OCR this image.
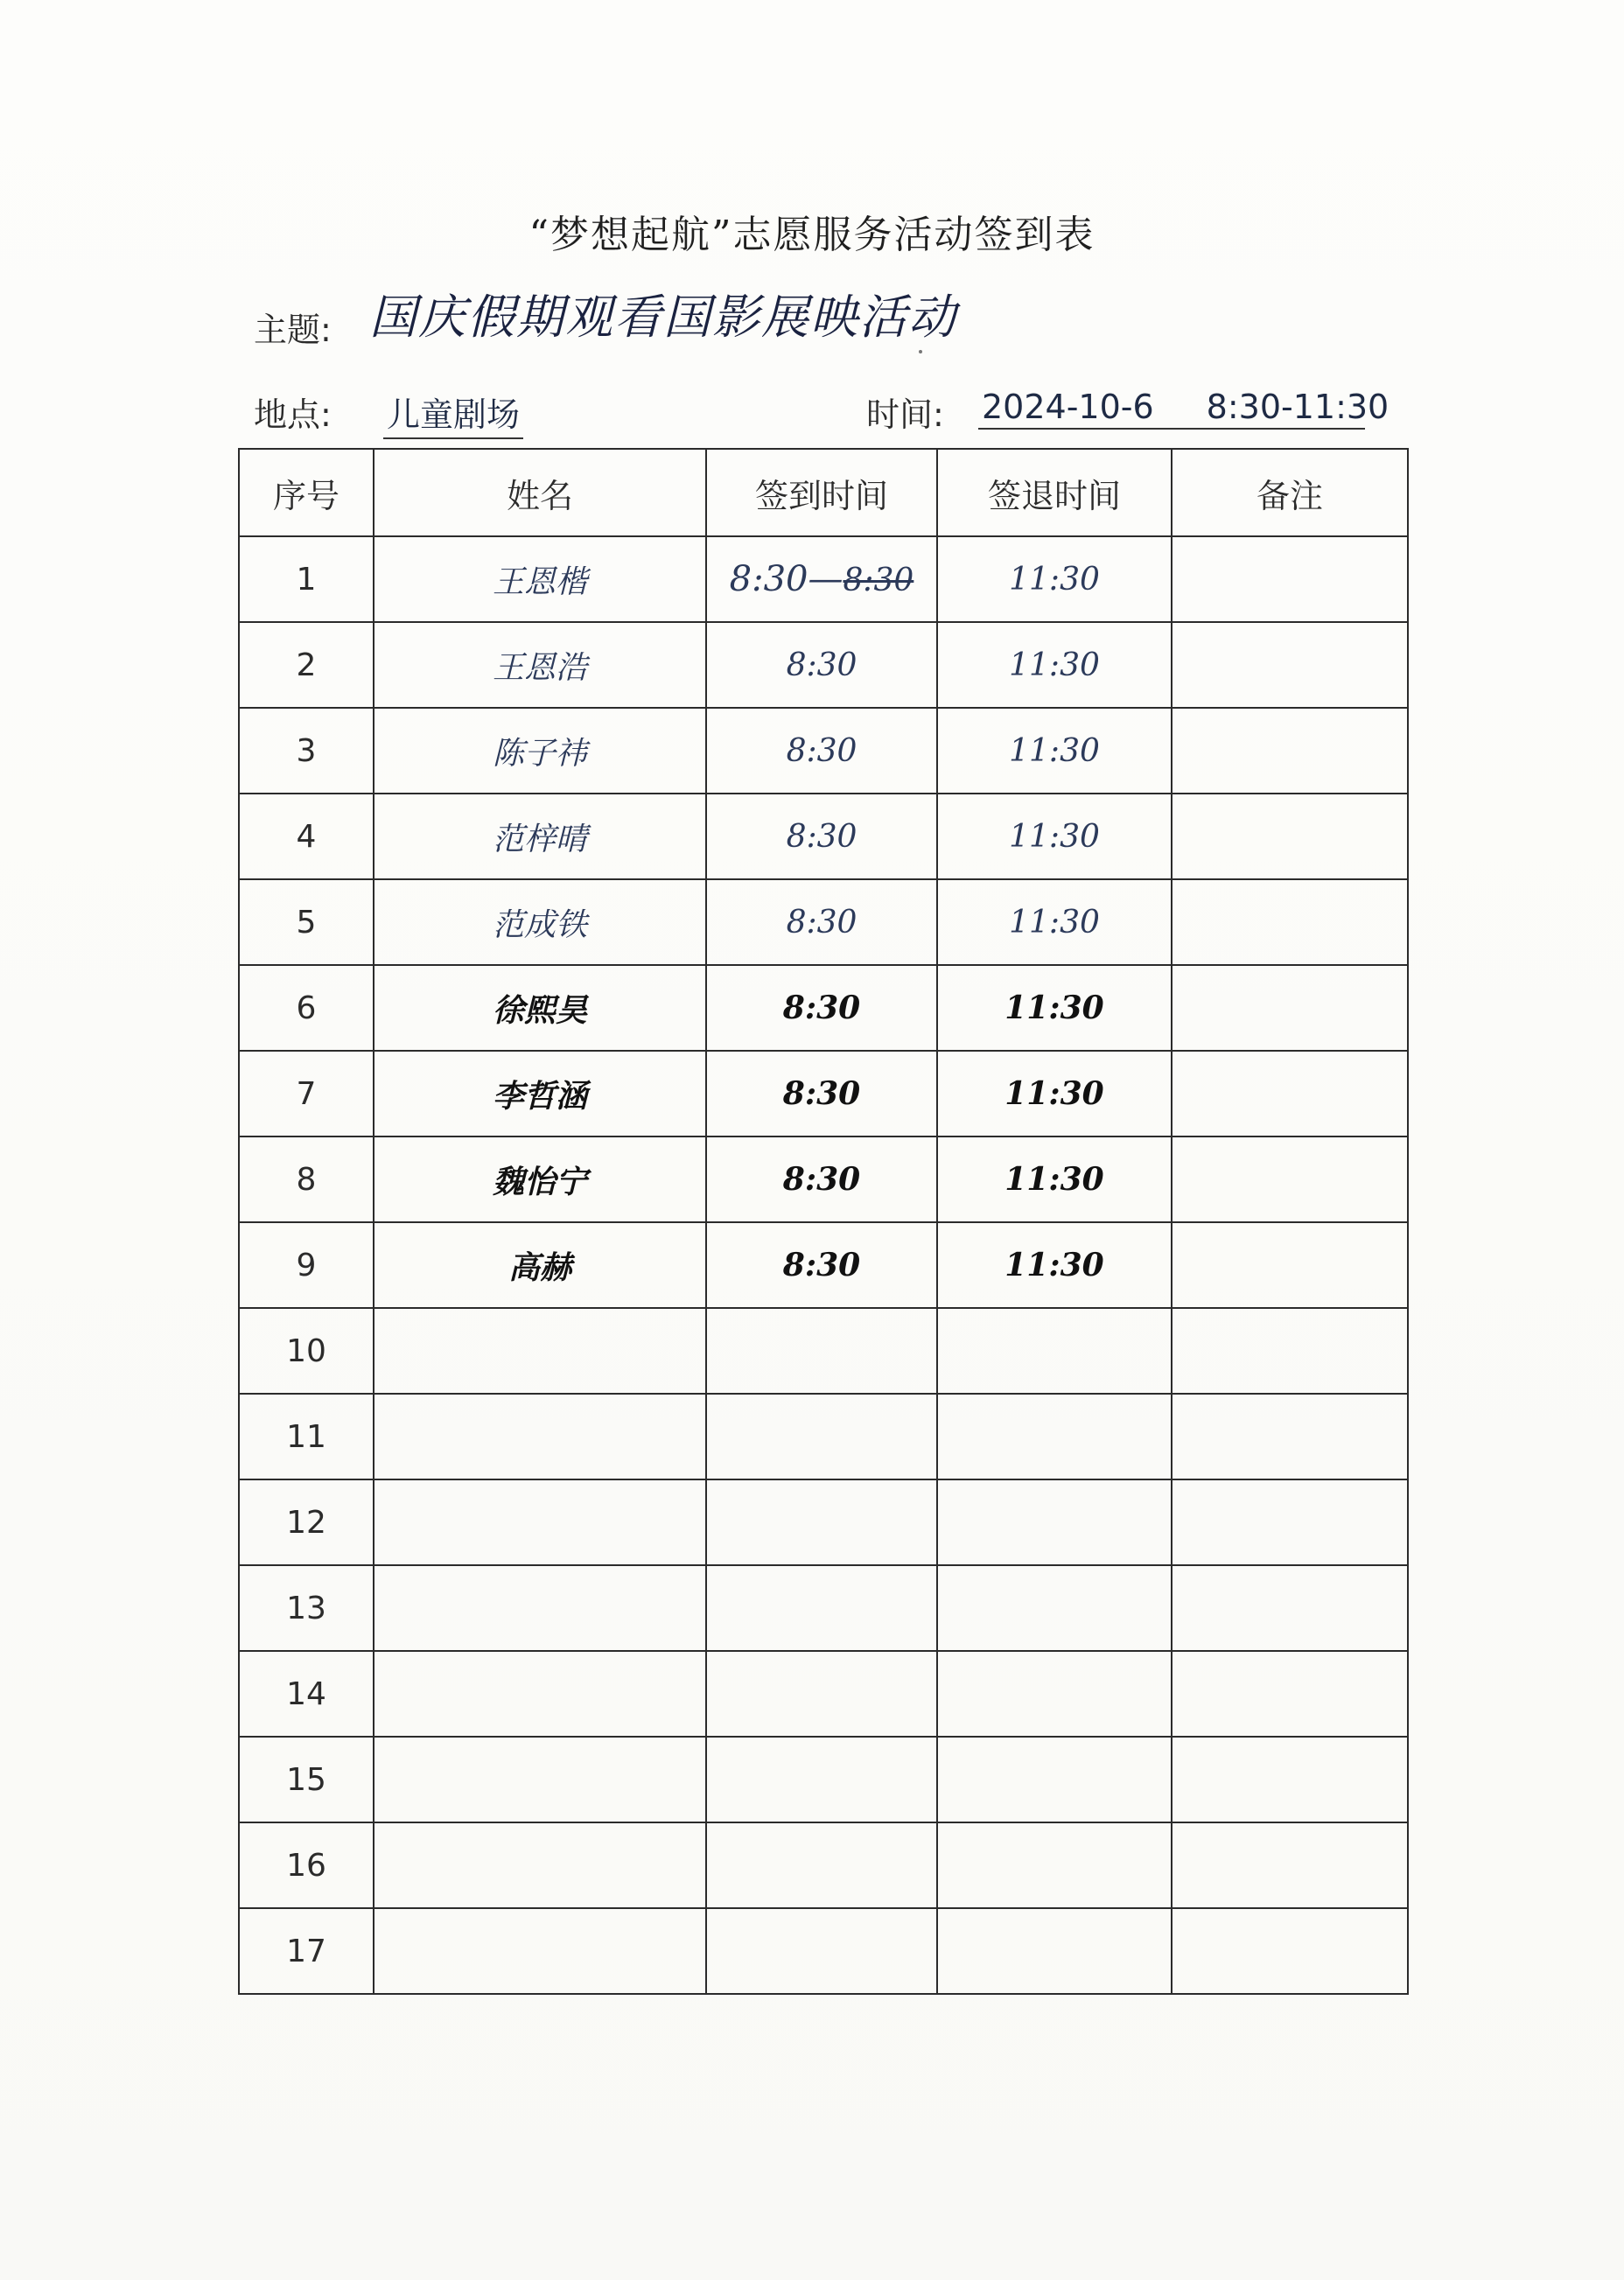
“梦想起航”志愿服务活动签到表
主题: 国庆假期观看国影展映活动
地点: 儿童剧场	时间: 2024-10-6 8:30-11:30
序号	姓名	签到时间	签退时间	备注
1	王恩楷	8:30—8:30	11:30	
2	王恩浩	8:30	11:30	
3	陈子祎	8:30	11:30	
4	范梓晴	8:30	11:30	
5	范成铁	8:30	11:30	
6	徐熙昊	8:30	11:30	
7	李哲涵	8:30	11:30	
8	魏怡宁	8:30	11:30	
9	高赫	8:30	11:30	
10				
11				
12				
13				
14				
15				
16				
17				
